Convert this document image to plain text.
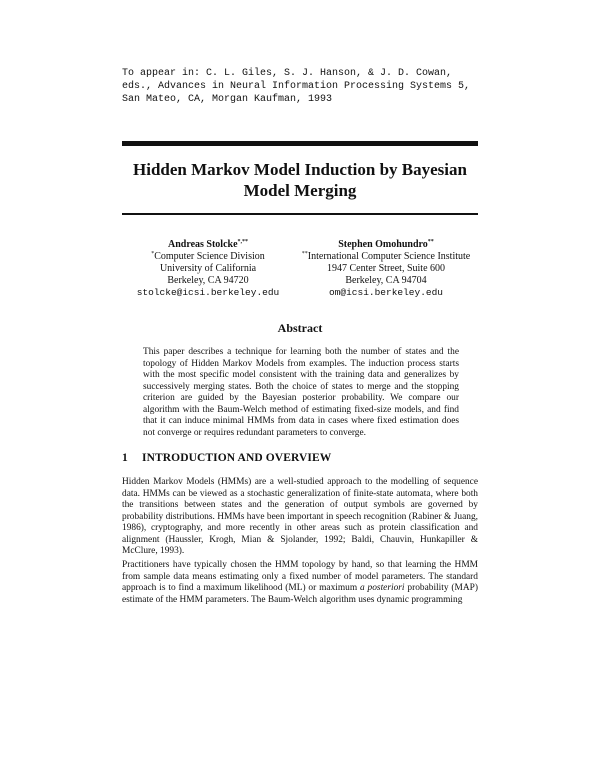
To appear in: C. L. Giles, S. J. Hanson, & J. D. Cowan,
eds., Advances in Neural Information Processing Systems 5,
San Mateo, CA, Morgan Kaufman, 1993
Hidden Markov Model Induction by Bayesian
Model Merging
Andreas Stolcke*,**
*Computer Science Division
University of California
Berkeley, CA 94720
stolcke@icsi.berkeley.edu
Stephen Omohundro**
**International Computer Science Institute
1947 Center Street, Suite 600
Berkeley, CA 94704
om@icsi.berkeley.edu
Abstract
This paper describes a technique for learning both the number of states and the topology of Hidden Markov Models from examples. The induction process starts with the most specific model consistent with the training data and generalizes by successively merging states. Both the choice of states to merge and the stopping criterion are guided by the Bayesian posterior probability. We compare our algorithm with the Baum-Welch method of estimating fixed-size models, and find that it can induce minimal HMMs from data in cases where fixed estimation does not converge or requires redundant parameters to converge.
1 INTRODUCTION AND OVERVIEW
Hidden Markov Models (HMMs) are a well-studied approach to the modelling of sequence data. HMMs can be viewed as a stochastic generalization of finite-state automata, where both the transitions between states and the generation of output symbols are governed by probability distributions. HMMs have been important in speech recognition (Rabiner & Juang, 1986), cryptography, and more recently in other areas such as protein classification and alignment (Haussler, Krogh, Mian & Sjolander, 1992; Baldi, Chauvin, Hunkapiller & McClure, 1993).
Practitioners have typically chosen the HMM topology by hand, so that learning the HMM from sample data means estimating only a fixed number of model parameters. The standard approach is to find a maximum likelihood (ML) or maximum a posteriori probability (MAP) estimate of the HMM parameters. The Baum-Welch algorithm uses dynamic programming
